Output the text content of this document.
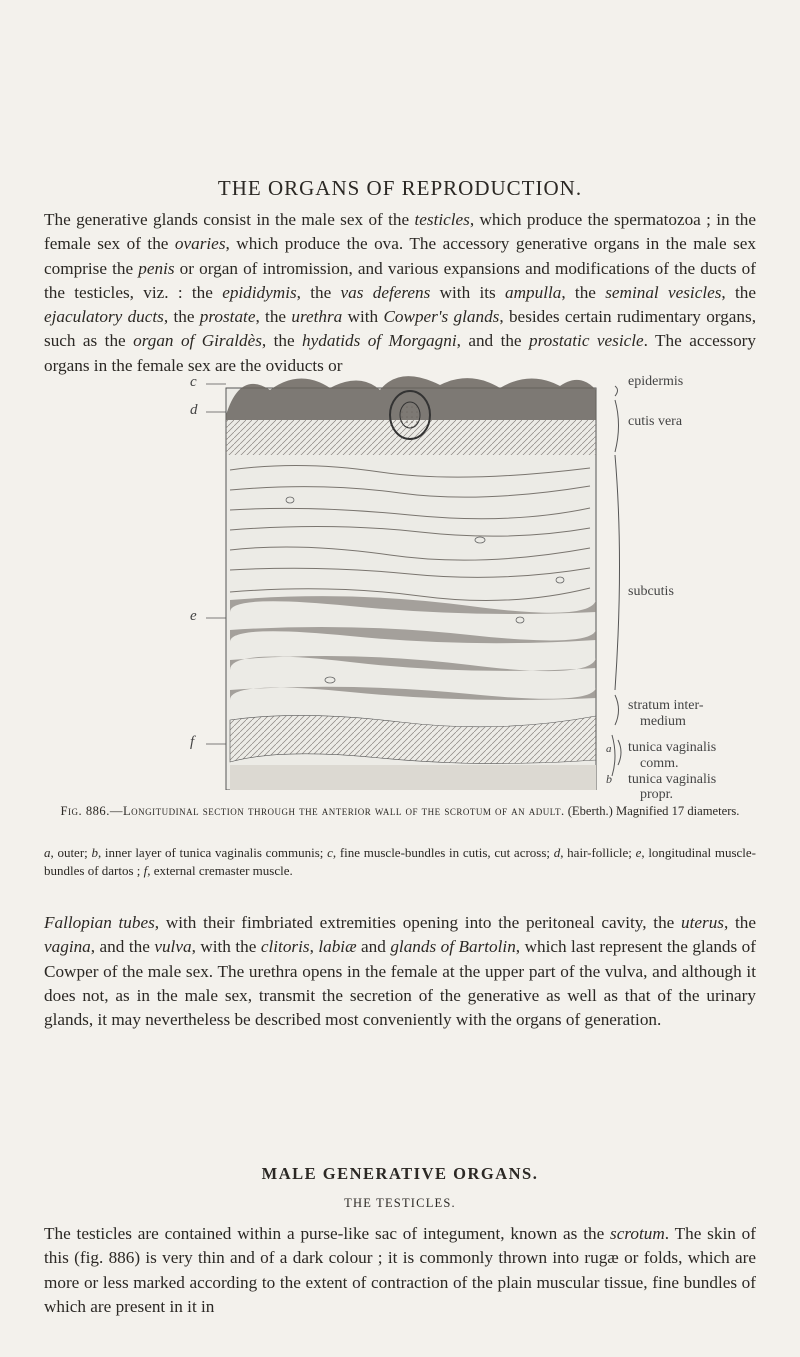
THE ORGANS OF REPRODUCTION.

The generative glands consist in the male sex of the testicles, which produce the spermatozoa ; in the female sex of the ovaries, which produce the ova. The accessory generative organs in the male sex comprise the penis or organ of intromission, and various expansions and modifications of the ducts of the testicles, viz. : the epididymis, the vas deferens with its ampulla, the seminal vesicles, the ejaculatory ducts, the prostate, the urethra with Cowper's glands, besides certain rudimentary organs, such as the organ of Giraldès, the hydatids of Morgagni, and the prostatic vesicle. The accessory organs in the female sex are the oviducts or

c
d
e
f
epidermis
cutis vera
subcutis
stratum inter-
medium
a
b
tunica vaginalis
comm.
tunica vaginalis
propr.

Fig. 886.—Longitudinal section through the anterior wall of the scrotum of an adult. (Eberth.) Magnified 17 diameters.

a, outer; b, inner layer of tunica vaginalis communis; c, fine muscle-bundles in cutis, cut across; d, hair-follicle; e, longitudinal muscle-bundles of dartos ; f, external cremaster muscle.

Fallopian tubes, with their fimbriated extremities opening into the peritoneal cavity, the uterus, the vagina, and the vulva, with the clitoris, labiæ and glands of Bartolin, which last represent the glands of Cowper of the male sex. The urethra opens in the female at the upper part of the vulva, and although it does not, as in the male sex, transmit the secretion of the generative as well as that of the urinary glands, it may nevertheless be described most conveniently with the organs of generation.

MALE GENERATIVE ORGANS.
THE TESTICLES.

The testicles are contained within a purse-like sac of integument, known as the scrotum. The skin of this (fig. 886) is very thin and of a dark colour ; it is commonly thrown into rugæ or folds, which are more or less marked according to the extent of contraction of the plain muscular tissue, fine bundles of which are present in it in
